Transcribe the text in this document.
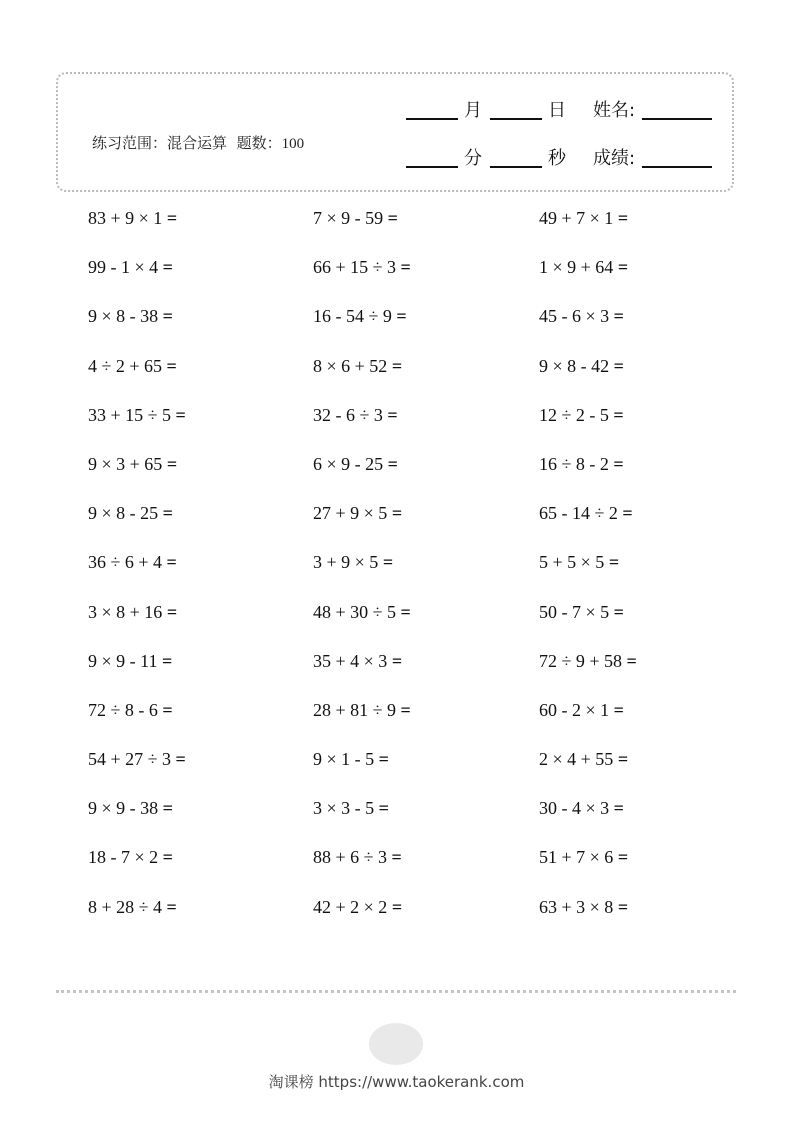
练习范围：混合运算 题数：100
月	日 姓名:
分	秒 成绩:
83 + 9 × 1 =	7 × 9 - 59 =	49 + 7 × 1 =
99 - 1 × 4 =	66 + 15 ÷ 3 =	1 × 9 + 64 =
9 × 8 - 38 =	16 - 54 ÷ 9 =	45 - 6 × 3 =
4 ÷ 2 + 65 =	8 × 6 + 52 =	9 × 8 - 42 =
33 + 15 ÷ 5 =	32 - 6 ÷ 3 =	12 ÷ 2 - 5 =
9 × 3 + 65 =	6 × 9 - 25 =	16 ÷ 8 - 2 =
9 × 8 - 25 =	27 + 9 × 5 =	65 - 14 ÷ 2 =
36 ÷ 6 + 4 =	3 + 9 × 5 =	5 + 5 × 5 =
3 × 8 + 16 =	48 + 30 ÷ 5 =	50 - 7 × 5 =
9 × 9 - 11 =	35 + 4 × 3 =	72 ÷ 9 + 58 =
72 ÷ 8 - 6 =	28 + 81 ÷ 9 =	60 - 2 × 1 =
54 + 27 ÷ 3 =	9 × 1 - 5 =	2 × 4 + 55 =
9 × 9 - 38 =	3 × 3 - 5 =	30 - 4 × 3 =
18 - 7 × 2 =	88 + 6 ÷ 3 =	51 + 7 × 6 =
8 + 28 ÷ 4 =	42 + 2 × 2 =	63 + 3 × 8 =
淘课榜 https://www.taokerank.com
